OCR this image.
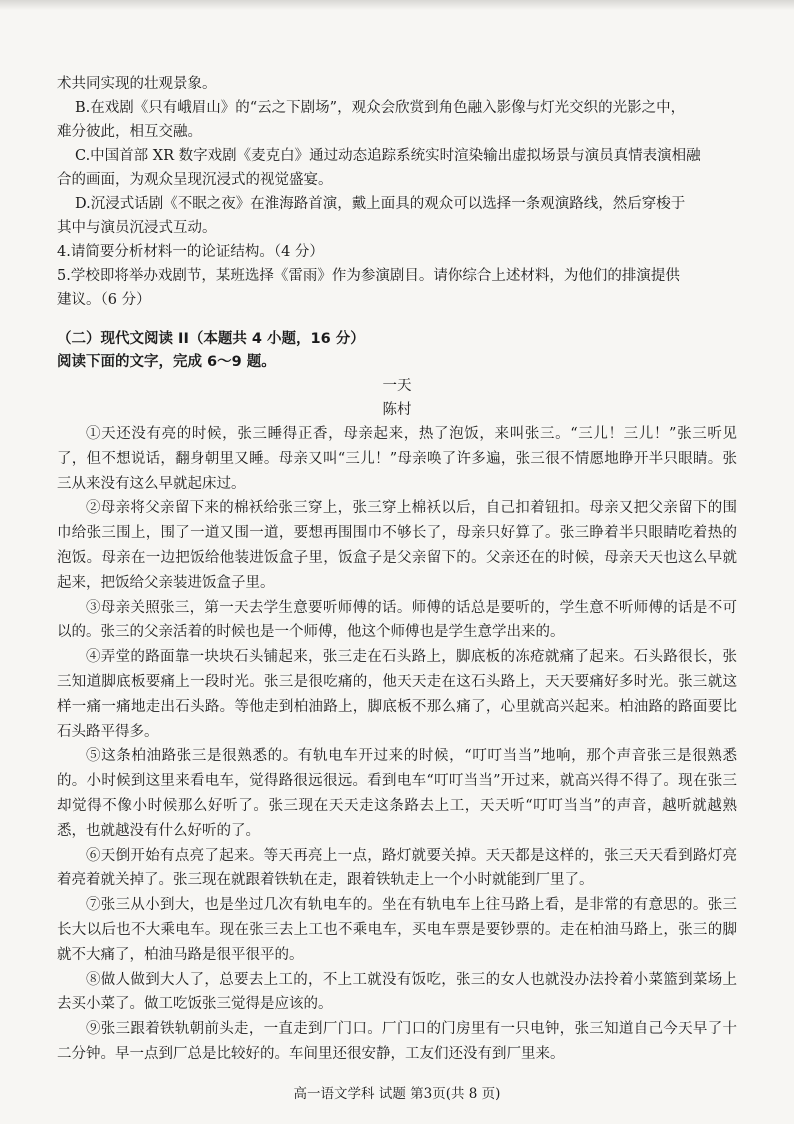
术共同实现的壮观景象。

B.在戏剧《只有峨眉山》的“云之下剧场”，观众会欣赏到角色融入影像与灯光交织的光影之中，

难分彼此，相互交融。

C.中国首部 XR 数字戏剧《麦克白》通过动态追踪系统实时渲染输出虚拟场景与演员真情表演相融

合的画面，为观众呈现沉浸式的视觉盛宴。

D.沉浸式话剧《不眠之夜》在淮海路首演，戴上面具的观众可以选择一条观演路线，然后穿梭于

其中与演员沉浸式互动。

4.请简要分析材料一的论证结构。（4 分）

5.学校即将举办戏剧节，某班选择《雷雨》作为参演剧目。请你综合上述材料，为他们的排演提供

建议。（6 分）

（二）现代文阅读 II（本题共 4 小题，16 分）

阅读下面的文字，完成 6～9 题。

一天

陈村

①天还没有亮的时候，张三睡得正香，母亲起来，热了泡饭，来叫张三。“三儿！三儿！”张三听见了，但不想说话，翻身朝里又睡。母亲又叫“三儿！”母亲唤了许多遍，张三很不情愿地睁开半只眼睛。张三从来没有这么早就起床过。

②母亲将父亲留下来的棉袄给张三穿上，张三穿上棉袄以后，自己扣着钮扣。母亲又把父亲留下的围巾给张三围上，围了一道又围一道，要想再围围巾不够长了，母亲只好算了。张三睁着半只眼睛吃着热的泡饭。母亲在一边把饭给他装进饭盒子里，饭盒子是父亲留下的。父亲还在的时候，母亲天天也这么早就起来，把饭给父亲装进饭盒子里。

③母亲关照张三，第一天去学生意要听师傅的话。师傅的话总是要听的，学生意不听师傅的话是不可以的。张三的父亲活着的时候也是一个师傅，他这个师傅也是学生意学出来的。

④弄堂的路面靠一块块石头铺起来，张三走在石头路上，脚底板的冻疮就痛了起来。石头路很长，张三知道脚底板要痛上一段时光。张三是很吃痛的，他天天走在这石头路上，天天要痛好多时光。张三就这样一痛一痛地走出石头路。等他走到柏油路上，脚底板不那么痛了，心里就高兴起来。柏油路的路面要比石头路平得多。

⑤这条柏油路张三是很熟悉的。有轨电车开过来的时候，“叮叮当当”地响，那个声音张三是很熟悉的。小时候到这里来看电车，觉得路很远很远。看到电车“叮叮当当”开过来，就高兴得不得了。现在张三却觉得不像小时候那么好听了。张三现在天天走这条路去上工，天天听“叮叮当当”的声音，越听就越熟悉，也就越没有什么好听的了。

⑥天倒开始有点亮了起来。等天再亮上一点，路灯就要关掉。天天都是这样的，张三天天看到路灯亮着亮着就关掉了。张三现在就跟着铁轨在走，跟着铁轨走上一个小时就能到厂里了。

⑦张三从小到大，也是坐过几次有轨电车的。坐在有轨电车上往马路上看，是非常的有意思的。张三长大以后也不大乘电车。现在张三去上工也不乘电车，买电车票是要钞票的。走在柏油马路上，张三的脚就不大痛了，柏油马路是很平很平的。

⑧做人做到大人了，总要去上工的，不上工就没有饭吃，张三的女人也就没办法拎着小菜篮到菜场上去买小菜了。做工吃饭张三觉得是应该的。

⑨张三跟着铁轨朝前头走，一直走到厂门口。厂门口的门房里有一只电钟，张三知道自己今天早了十二分钟。早一点到厂总是比较好的。车间里还很安静，工友们还没有到厂里来。

高一语文学科 试题 第3页(共 8 页)
